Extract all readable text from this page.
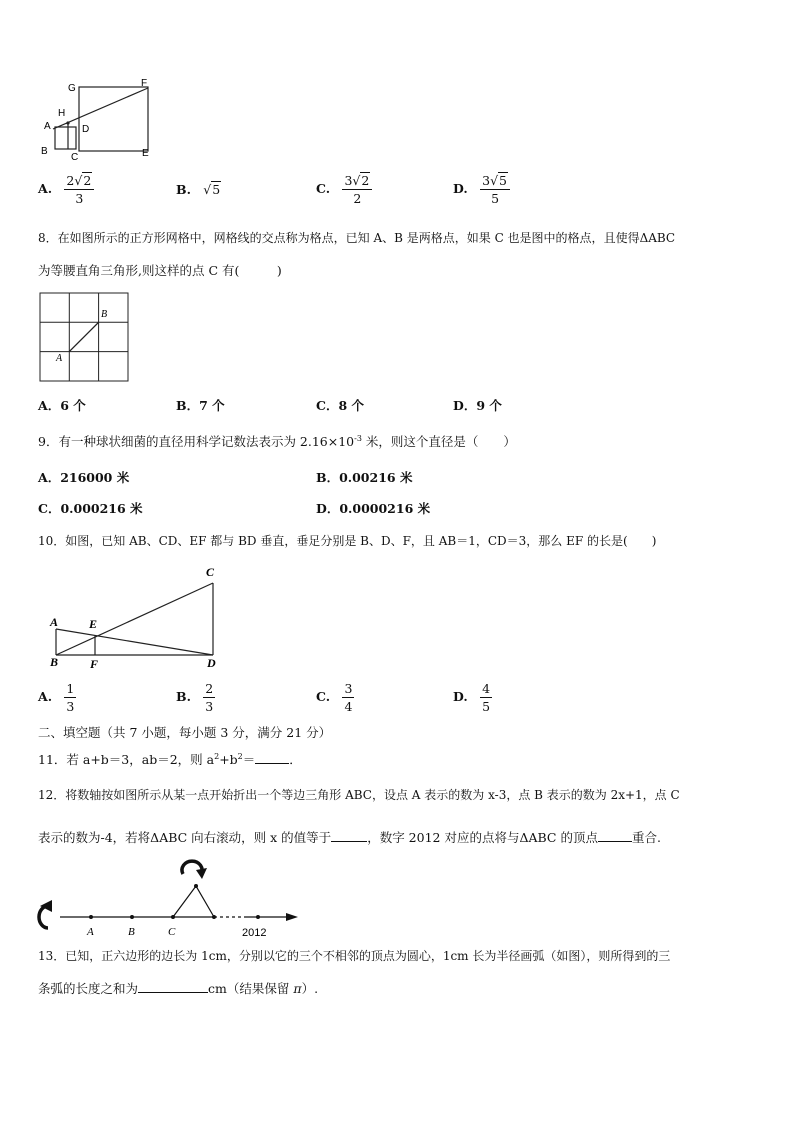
G	F
H
A	D
B
C	E
A. $\frac{2√2}{3}$	B. √5	C. $\frac{3√2}{2}$	D. $\frac{3√5}{5}$
8．在如图所示的正方形网格中，网格线的交点称为格点，已知 A、B 是两格点，如果 C 也是图中的格点，且使得ΔABC
为等腰直角三角形,则这样的点 C 有(　　　)
A
B
A．6 个	B．7 个	C．8 个	D．9 个
9．有一种球状细菌的直径用科学记数法表示为 $2.16\times 10^{-3}$ 米，则这个直径是（　　）
A．216000 米	B．0.00216 米
C．0.000216 米	D．0.0000216 米
10．如图，已知 AB、CD、EF 都与 BD 垂直，垂足分别是 B、D、F，且 AB＝1，CD＝3，那么 EF 的长是(　　)
C
A	E
B	F	D
A. $\frac{1}{3}$	B. $\frac{2}{3}$	C. $\frac{3}{4}$	D. $\frac{4}{5}$
二、填空题（共 7 小题，每小题 3 分，满分 21 分）
11．若 a+b＝3，ab＝2，则 $a^2+b^2=$	．
12．将数轴按如图所示从某一点开始折出一个等边三角形 ABC，设点 A 表示的数为 x-3，点 B 表示的数为 2x+1，点 C
表示的数为-4，若将ΔABC 向右滚动，则 x 的值等于	，数字 2012 对应的点将与ΔABC 的顶点	重合.
A	B	C	2012
13．已知，正六边形的边长为 1cm，分别以它的三个不相邻的顶点为圆心，1cm 长为半径画弧（如图），则所得到的三
条弧的长度之和为	cm（结果保留 π）.
